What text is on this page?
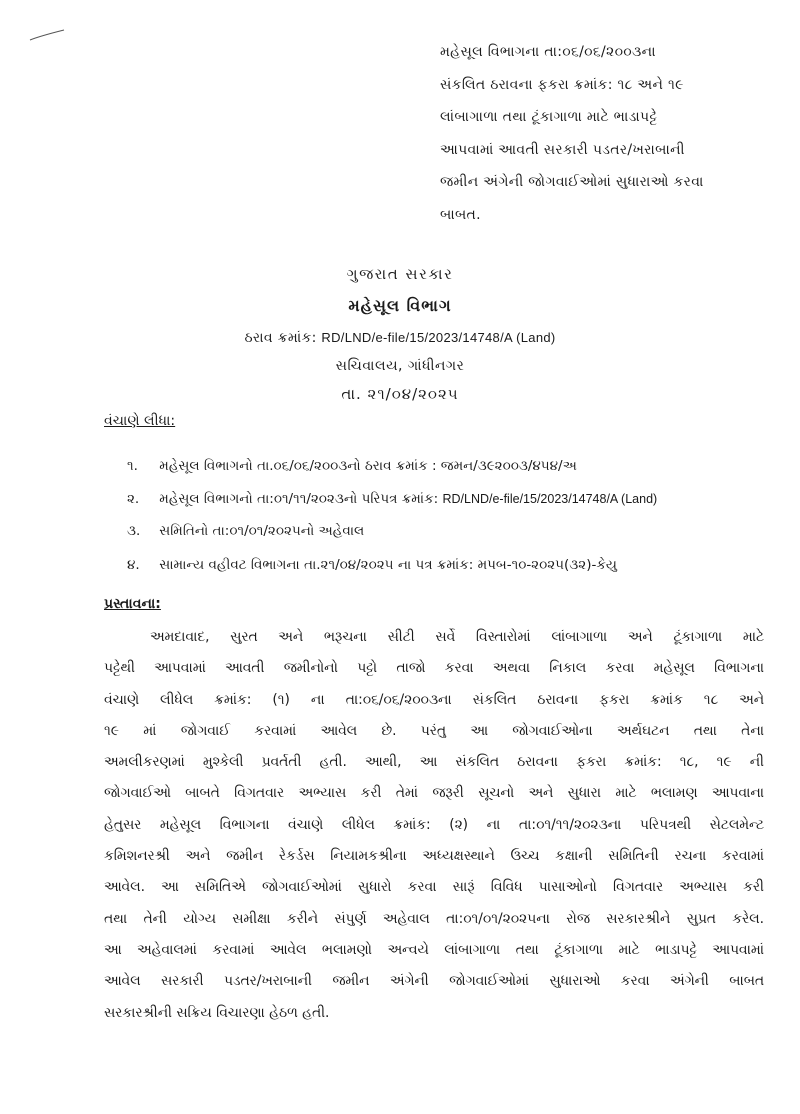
મહેસૂલ વિભાગના તા:૦૬/૦૬/૨૦૦૩ના
સંકલિત ઠરાવના ફકરા ક્રમાંક: ૧૮ અને ૧૯
લાંબાગાળા તથા ટૂંકાગાળા માટે ભાડાપટ્ટે
આપવામાં આવતી સરકારી પડતર/ખરાબાની
જમીન અંગેની જોગવાઈઓમાં સુધારાઓ કરવા
બાબત.
ગુજરાત સરકાર
મહેસૂલ વિભાગ
ઠરાવ ક્રમાંક: RD/LND/e-file/15/2023/14748/A (Land)
સચિવાલય, ગાંધીનગર
તા. ૨૧/૦૪/૨૦૨૫
વંચાણે લીધા:
૧. મહેસૂલ વિભાગનો તા.૦૬/૦૬/૨૦૦૩નો ઠરાવ ક્રમાંક : જમન/૩૯૨૦૦૩/૪૫૪/અ
૨. મહેસૂલ વિભાગનો તા:૦૧/૧૧/૨૦૨૩નો પરિપત્ર ક્રમાંક: RD/LND/e-file/15/2023/14748/A (Land)
૩. સમિતિનો તા:૦૧/૦૧/૨૦૨૫નો અહેવાલ
૪. સામાન્ય વહીવટ વિભાગના તા.૨૧/૦૪/૨૦૨૫ ના પત્ર ક્રમાંક: મપબ-૧૦-૨૦૨૫(૩૨)-કેયુ
પ્રસ્તાવના:
અમદાવાદ, સુરત અને ભરૂચના સીટી સર્વે વિસ્તારોમાં લાંબાગાળા અને ટૂંકાગાળા માટે
પટ્ટેથી આપવામાં આવતી જમીનોનો પટ્ટો તાજો કરવા અથવા નિકાલ કરવા મહેસૂલ વિભાગના
વંચાણે લીધેલ ક્રમાંક: (૧) ના તા:૦૬/૦૬/૨૦૦૩ના સંકલિત ઠરાવના ફકરા ક્રમાંક ૧૮ અને
૧૯ માં જોગવાઈ કરવામાં આવેલ છે. પરંતુ આ જોગવાઈઓના અર્થઘટન તથા તેના
અમલીકરણમાં મુશ્કેલી પ્રવર્તતી હતી. આથી, આ સંકલિત ઠરાવના ફકરા ક્રમાંક: ૧૮, ૧૯ ની
જોગવાઈઓ બાબતે વિગતવાર અભ્યાસ કરી તેમાં જરૂરી સૂચનો અને સુધારા માટે ભલામણ આપવાના
હેતુસર મહેસૂલ વિભાગના વંચાણે લીધેલ ક્રમાંક: (૨) ના તા:૦૧/૧૧/૨૦૨૩ના પરિપત્રથી સેટલમેન્ટ
કમિશનરશ્રી અને જમીન રેકર્ડસ નિયામકશ્રીના અધ્યક્ષસ્થાને ઉચ્ચ કક્ષાની સમિતિની રચના કરવામાં
આવેલ. આ સમિતિએ જોગવાઈઓમાં સુધારો કરવા સારૂં વિવિધ પાસાઓનો વિગતવાર અભ્યાસ કરી
તથા તેની યોગ્ય સમીક્ષા કરીને સંપુર્ણ અહેવાલ તા:૦૧/૦૧/૨૦૨૫ના રોજ સરકારશ્રીને સુપ્રત કરેલ.
આ અહેવાલમાં કરવામાં આવેલ ભલામણો અન્વયે લાંબાગાળા તથા ટૂંકાગાળા માટે ભાડાપટ્ટે આપવામાં
આવેલ સરકારી પડતર/ખરાબાની જમીન અંગેની જોગવાઈઓમાં સુધારાઓ કરવા અંગેની બાબત
સરકારશ્રીની સક્રિય વિચારણા હેઠળ હતી.
